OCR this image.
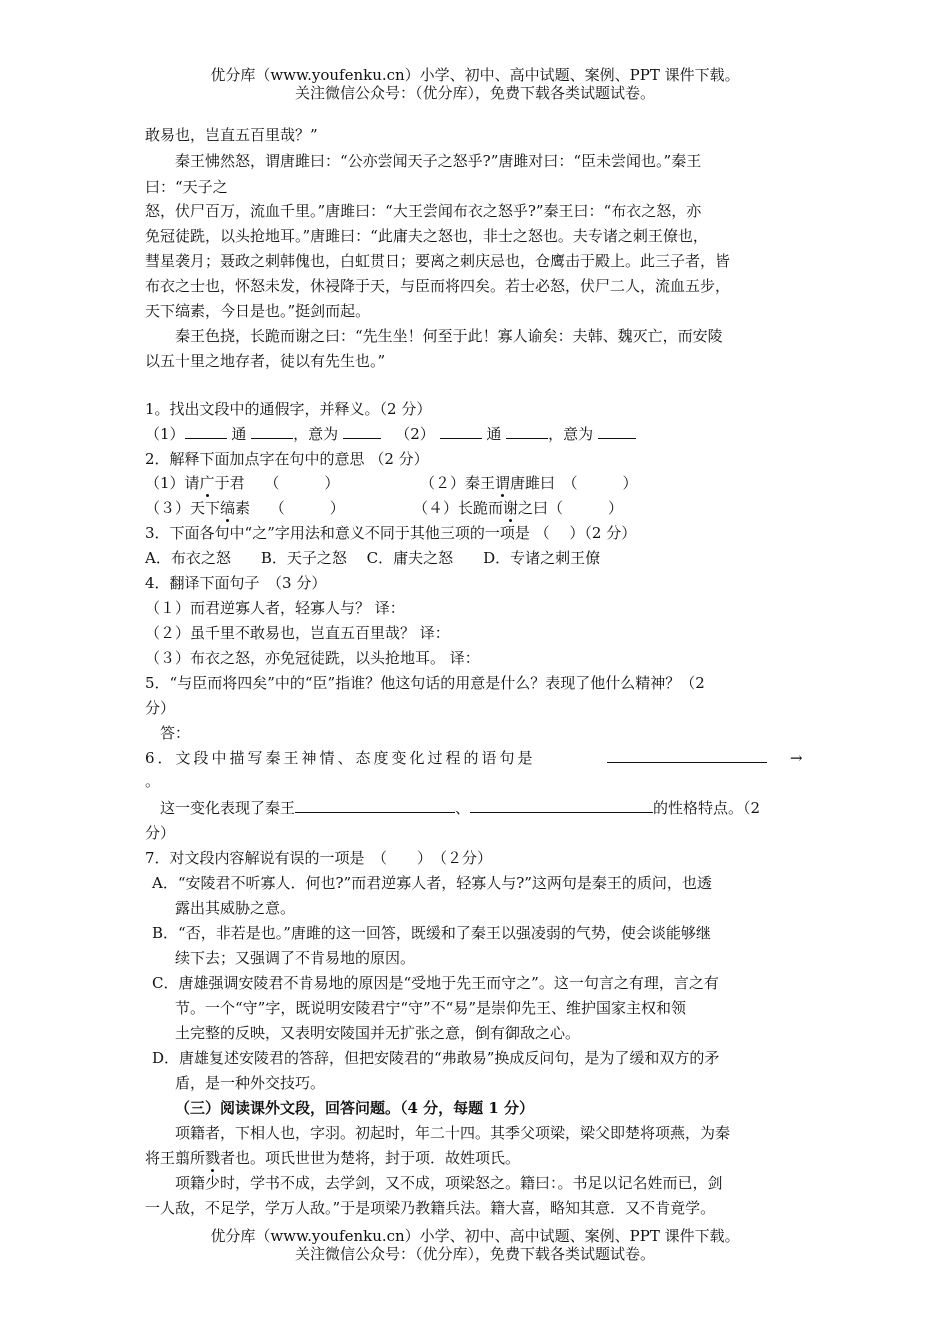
优分库（www.youfenku.cn）小学、初中、高中试题、案例、PPT 课件下载。
关注微信公众号：（优分库），免费下载各类试题试卷。
敢易也，岂直五百里哉？”
秦王怫然怒，谓唐雎曰：“公亦尝闻天子之怒乎?”唐雎对曰：“臣未尝闻也。”秦王
曰：“天子之
怒，伏尸百万，流血千里。”唐雎曰：“大王尝闻布衣之怒乎?”秦王曰：“布衣之怒，亦
免冠徒跣，以头抢地耳。”唐雎曰：“此庸夫之怒也，非士之怒也。夫专诸之刺王僚也，
彗星袭月；聂政之刺韩傀也，白虹贯日；要离之刺庆忌也，仓鹰击于殿上。此三子者，皆
布衣之士也，怀怒未发，休祲降于天，与臣而将四矣。若士必怒，伏尸二人，流血五步，
天下缟素，今日是也。”挺剑而起。
秦王色挠，长跪而谢之曰：“先生坐！何至于此！寡人谕矣：夫韩、魏灭亡，而安陵
以五十里之地存者，徒以有先生也。”
1。找出文段中的通假字，并释义。（2 分）
（1）	通	，意为	（2）	通	，意为
2．解释下面加点字在句中的意思 （2 分）
（1）请广于君　 （　　　）	（２）秦王谓唐雎曰　（　　　）
（３）天下缟素　 （　　　）	（４）长跪而谢之曰（　　　）
3．下面各句中“之”字用法和意义不同于其他三项的一项是 （　 ）（2 分）
A．布衣之怒　　B．天子之怒　 C．庸夫之怒　　D．专诸之刺王僚
4．翻译下面句子　（3 分）
（１）而君逆寡人者，轻寡人与？ 译：
（２）虽千里不敢易也，岂直五百里哉？ 译：
（３）布衣之怒，亦免冠徒跣，以头抢地耳。 译：
5．“与臣而将四矣”中的“臣”指谁？他这句话的用意是什么？表现了他什么精神？（2
分）
答：
6．文段中描写秦王神情、态度变化过程的语句是	→
。
这一变化表现了秦王	、	的性格特点。（2
分）
7．对文段内容解说有误的一项是　（　　）　（２分）
A．“安陵君不听寡人．何也?”而君逆寡人者，轻寡人与?”这两句是秦王的质问，也透
露出其威胁之意。
B．“否，非若是也。”唐雎的这一回答，既缓和了秦王以强凌弱的气势，使会谈能够继
续下去；又强调了不肯易地的原因。
C．唐雄强调安陵君不肯易地的原因是“受地于先王而守之”。这一句言之有理，言之有
节。一个“守”字，既说明安陵君宁“守”不“易”是崇仰先王、维护国家主权和领
土完整的反映，又表明安陵国并无扩张之意，倒有御敌之心。
D．唐雄复述安陵君的答辞，但把安陵君的“弗敢易”换成反问句，是为了缓和双方的矛
盾，是一种外交技巧。
（三）阅读课外文段，回答问题。（4 分，每题 1 分）
项籍者，下相人也，字羽。初起时，年二十四。其季父项梁，梁父即楚将项燕，为秦
将王翦所戮者也。项氏世世为楚将，封于项．故姓项氏。
项籍少时，学书不成，去学剑，又不成，项梁怒之。籍曰：。书足以记名姓而已，剑
一人敌，不足学，学万人敌。”于是项梁乃教籍兵法。籍大喜，略知其意．又不肯竟学。
优分库（www.youfenku.cn）小学、初中、高中试题、案例、PPT 课件下载。
关注微信公众号：（优分库），免费下载各类试题试卷。
